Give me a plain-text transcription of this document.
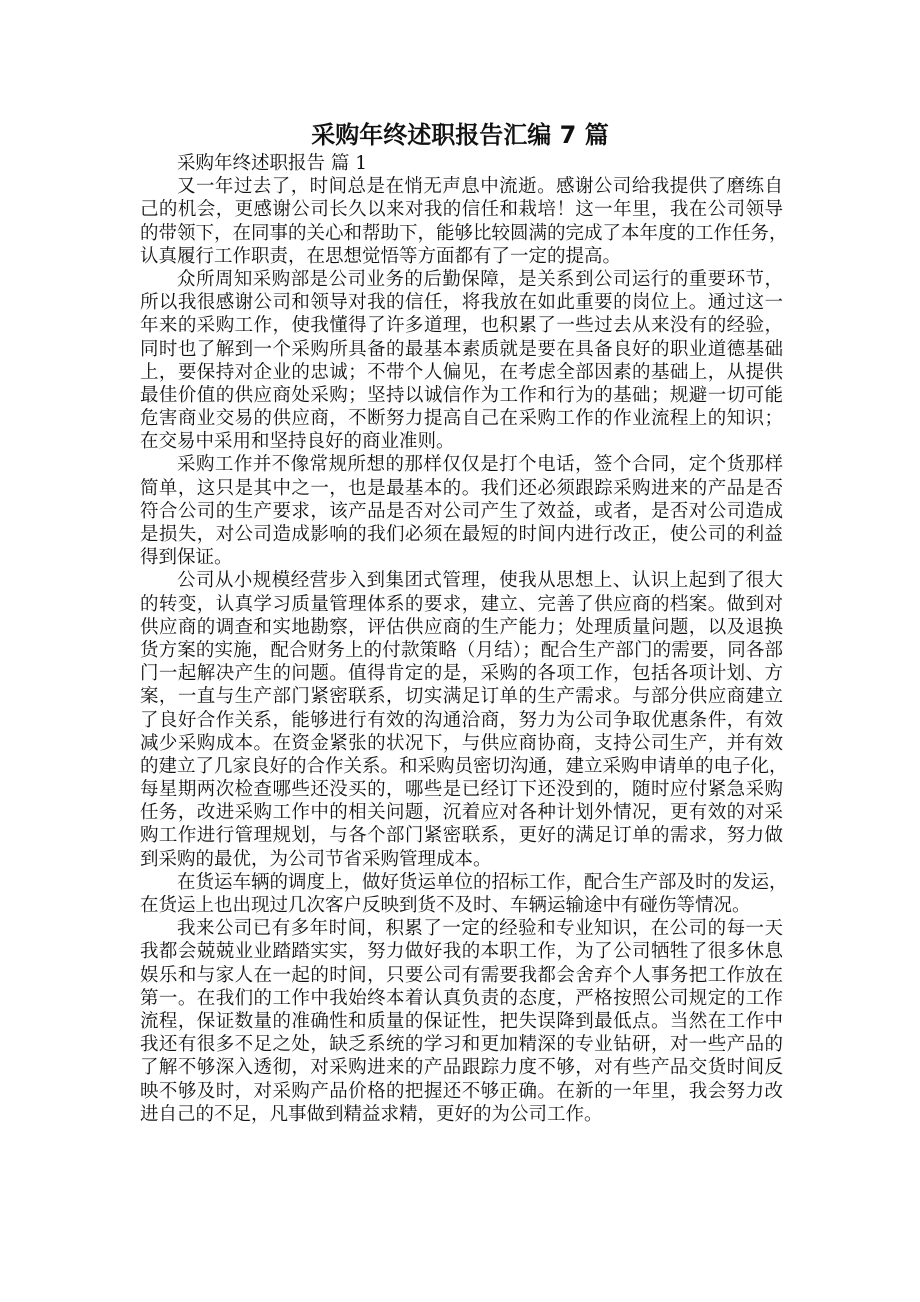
采购年终述职报告汇编 7 篇
采购年终述职报告 篇 1
又一年过去了，时间总是在悄无声息中流逝。感谢公司给我提供了磨练自
己的机会，更感谢公司长久以来对我的信任和栽培！这一年里，我在公司领导
的带领下，在同事的关心和帮助下，能够比较圆满的完成了本年度的工作任务，
认真履行工作职责，在思想觉悟等方面都有了一定的提高。
众所周知采购部是公司业务的后勤保障，是关系到公司运行的重要环节，
所以我很感谢公司和领导对我的信任，将我放在如此重要的岗位上。通过这一
年来的采购工作，使我懂得了许多道理，也积累了一些过去从来没有的经验，
同时也了解到一个采购所具备的最基本素质就是要在具备良好的职业道德基础
上，要保持对企业的忠诚；不带个人偏见，在考虑全部因素的基础上，从提供
最佳价值的供应商处采购；坚持以诚信作为工作和行为的基础；规避一切可能
危害商业交易的供应商，不断努力提高自己在采购工作的作业流程上的知识；
在交易中采用和坚持良好的商业准则。
采购工作并不像常规所想的那样仅仅是打个电话，签个合同，定个货那样
简单，这只是其中之一，也是最基本的。我们还必须跟踪采购进来的产品是否
符合公司的生产要求，该产品是否对公司产生了效益，或者，是否对公司造成
是损失，对公司造成影响的我们必须在最短的时间内进行改正，使公司的利益
得到保证。
公司从小规模经营步入到集团式管理，使我从思想上、认识上起到了很大
的转变，认真学习质量管理体系的要求，建立、完善了供应商的档案。做到对
供应商的调查和实地勘察，评估供应商的生产能力；处理质量问题，以及退换
货方案的实施，配合财务上的付款策略（月结）；配合生产部门的需要，同各部
门一起解决产生的问题。值得肯定的是，采购的各项工作，包括各项计划、方
案，一直与生产部门紧密联系，切实满足订单的生产需求。与部分供应商建立
了良好合作关系，能够进行有效的沟通洽商，努力为公司争取优惠条件，有效
减少采购成本。在资金紧张的状况下，与供应商协商，支持公司生产，并有效
的建立了几家良好的合作关系。和采购员密切沟通，建立采购申请单的电子化，
每星期两次检查哪些还没买的，哪些是已经订下还没到的，随时应付紧急采购
任务，改进采购工作中的相关问题，沉着应对各种计划外情况，更有效的对采
购工作进行管理规划，与各个部门紧密联系，更好的满足订单的需求，努力做
到采购的最优，为公司节省采购管理成本。
在货运车辆的调度上，做好货运单位的招标工作，配合生产部及时的发运，
在货运上也出现过几次客户反映到货不及时、车辆运输途中有碰伤等情况。
我来公司已有多年时间，积累了一定的经验和专业知识，在公司的每一天
我都会兢兢业业踏踏实实，努力做好我的本职工作，为了公司牺牲了很多休息
娱乐和与家人在一起的时间，只要公司有需要我都会舍弃个人事务把工作放在
第一。在我们的工作中我始终本着认真负责的态度，严格按照公司规定的工作
流程，保证数量的准确性和质量的保证性，把失误降到最低点。当然在工作中
我还有很多不足之处，缺乏系统的学习和更加精深的专业钻研，对一些产品的
了解不够深入透彻，对采购进来的产品跟踪力度不够，对有些产品交货时间反
映不够及时，对采购产品价格的把握还不够正确。在新的一年里，我会努力改
进自己的不足，凡事做到精益求精，更好的为公司工作。
